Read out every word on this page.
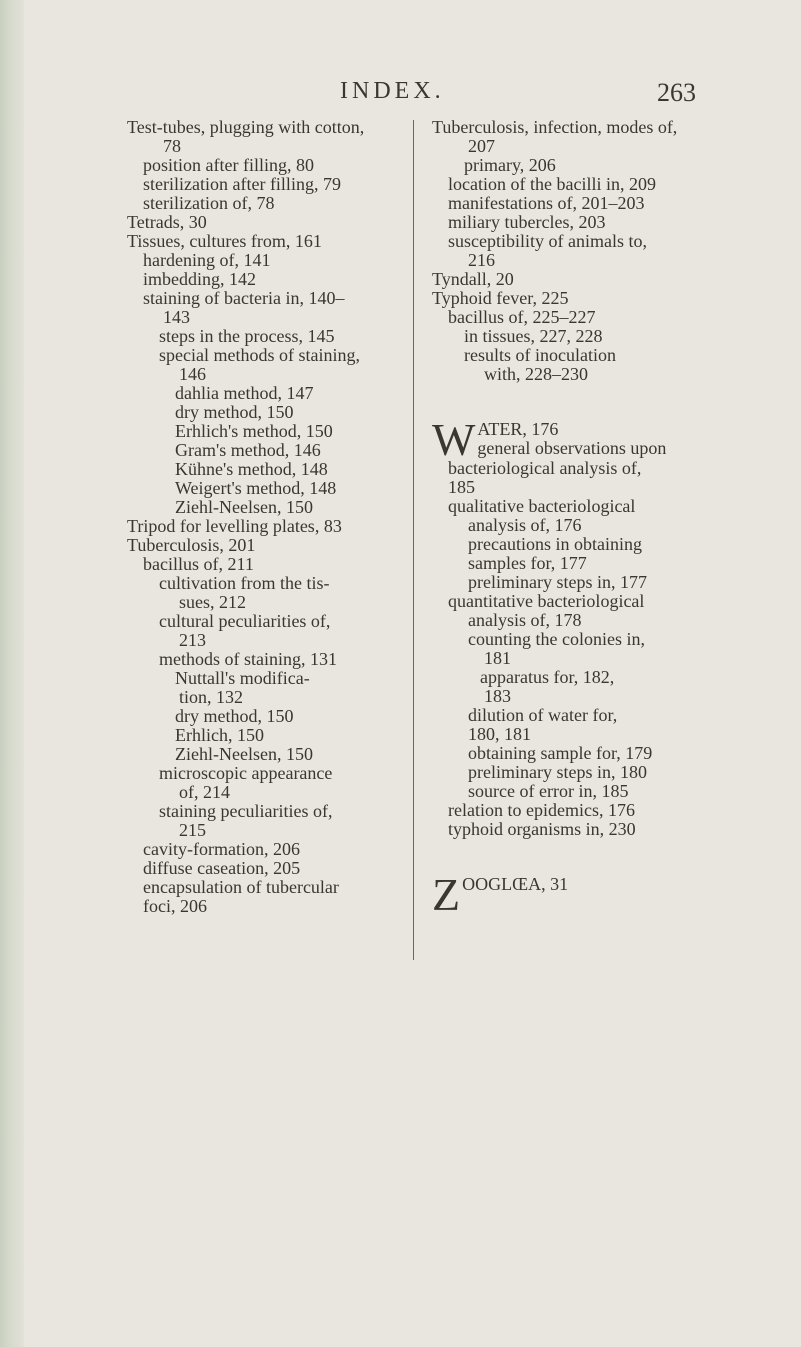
INDEX.	263
Test-tubes, plugging with cotton,
78
position after filling, 80
sterilization after filling, 79
sterilization of, 78
Tetrads, 30
Tissues, cultures from, 161
hardening of, 141
imbedding, 142
staining of bacteria in, 140–
143
steps in the process, 145
special methods of staining,
146
dahlia method, 147
dry method, 150
Erhlich's method, 150
Gram's method, 146
Kühne's method, 148
Weigert's method, 148
Ziehl-Neelsen, 150
Tripod for levelling plates, 83
Tuberculosis, 201
bacillus of, 211
cultivation from the tis-
sues, 212
cultural peculiarities of,
213
methods of staining, 131
Nuttall's modifica-
tion, 132
dry method, 150
Erhlich, 150
Ziehl-Neelsen, 150
microscopic appearance
of, 214
staining peculiarities of,
215
cavity-formation, 206
diffuse caseation, 205
encapsulation of tubercular
foci, 206
Tuberculosis, infection, modes of,
207
primary, 206
location of the bacilli in, 209
manifestations of, 201–203
miliary tubercles, 203
susceptibility of animals to,
216
Tyndall, 20
Typhoid fever, 225
bacillus of, 225–227
in tissues, 227, 228
results of inoculation
with, 228–230
W ATER, 176
general observations upon
bacteriological analysis of,
185
qualitative bacteriological
analysis of, 176
precautions in obtaining
samples for, 177
preliminary steps in, 177
quantitative bacteriological
analysis of, 178
counting the colonies in,
181
apparatus for, 182,
183
dilution of water for,
180, 181
obtaining sample for, 179
preliminary steps in, 180
source of error in, 185
relation to epidemics, 176
typhoid organisms in, 230
Z OOGLŒA, 31
